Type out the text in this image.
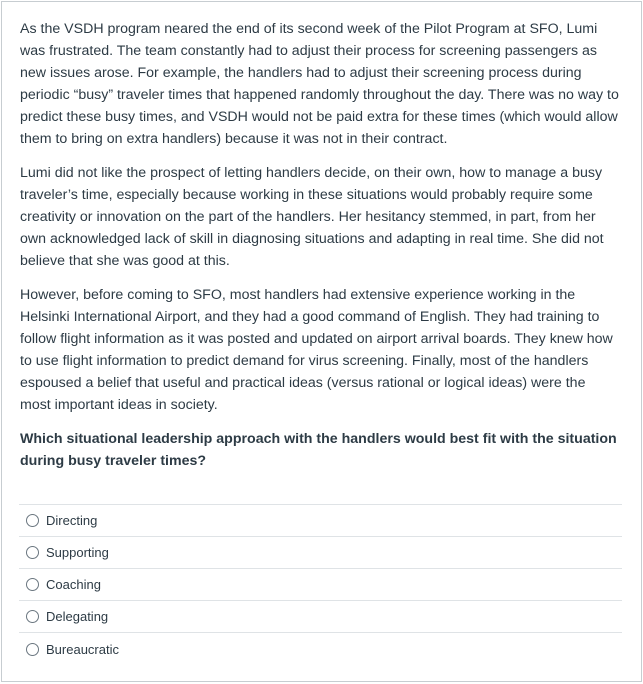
As the VSDH program neared the end of its second week of the Pilot Program at SFO, Lumi was frustrated. The team constantly had to adjust their process for screening passengers as new issues arose. For example, the handlers had to adjust their screening process during periodic “busy” traveler times that happened randomly throughout the day. There was no way to predict these busy times, and VSDH would not be paid extra for these times (which would allow them to bring on extra handlers) because it was not in their contract.

Lumi did not like the prospect of letting handlers decide, on their own, how to manage a busy traveler’s time, especially because working in these situations would probably require some creativity or innovation on the part of the handlers. Her hesitancy stemmed, in part, from her own acknowledged lack of skill in diagnosing situations and adapting in real time. She did not believe that she was good at this.

However, before coming to SFO, most handlers had extensive experience working in the Helsinki International Airport, and they had a good command of English. They had training to follow flight information as it was posted and updated on airport arrival boards. They knew how to use flight information to predict demand for virus screening. Finally, most of the handlers espoused a belief that useful and practical ideas (versus rational or logical ideas) were the most important ideas in society.

Which situational leadership approach with the handlers would best fit with the situation during busy traveler times?

Directing
Supporting
Coaching
Delegating
Bureaucratic
